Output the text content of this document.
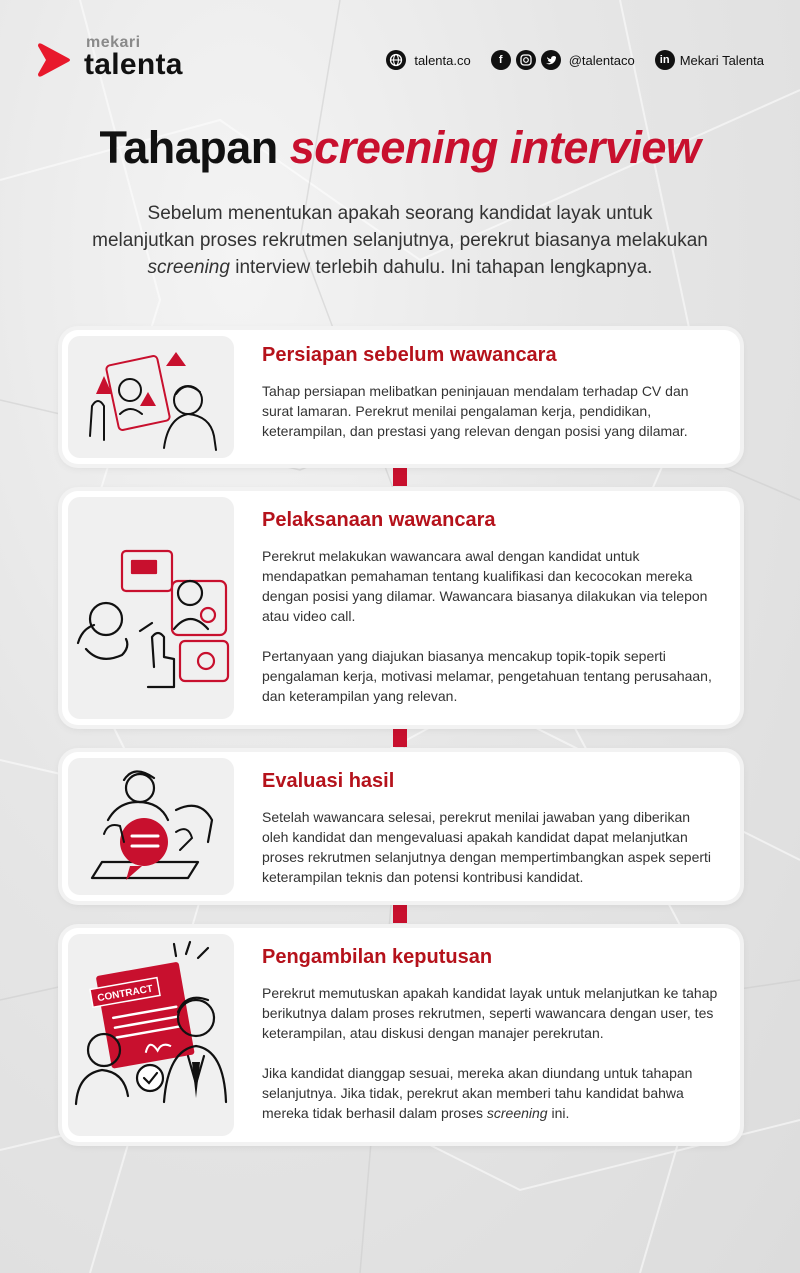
mekari
talenta	talenta.co	f	@talentaco	in Mekari Talenta
Tahapan screening interview
Sebelum menentukan apakah seorang kandidat layak untuk
melanjutkan proses rekrutmen selanjutnya, perekrut biasanya melakukan
screening interview terlebih dahulu. Ini tahapan lengkapnya.
Persiapan sebelum wawancara

Tahap persiapan melibatkan peninjauan mendalam terhadap CV dan surat lamaran. Perekrut menilai pengalaman kerja, pendidikan, keterampilan, dan prestasi yang relevan dengan posisi yang dilamar.

Pelaksanaan wawancara

Perekrut melakukan wawancara awal dengan kandidat untuk mendapatkan pemahaman tentang kualifikasi dan kecocokan mereka dengan posisi yang dilamar. Wawancara biasanya dilakukan via telepon atau video call.

Pertanyaan yang diajukan biasanya mencakup topik-topik seperti pengalaman kerja, motivasi melamar, pengetahuan tentang perusahaan, dan keterampilan yang relevan.

Evaluasi hasil

Setelah wawancara selesai, perekrut menilai jawaban yang diberikan oleh kandidat dan mengevaluasi apakah kandidat dapat melanjutkan proses rekrutmen selanjutnya dengan mempertimbangkan aspek seperti keterampilan teknis dan potensi kontribusi kandidat.

CONTRACT
Pengambilan keputusan

Perekrut memutuskan apakah kandidat layak untuk melanjutkan ke tahap berikutnya dalam proses rekrutmen, seperti wawancara dengan user, tes keterampilan, atau diskusi dengan manajer perekrutan.

Jika kandidat dianggap sesuai, mereka akan diundang untuk tahapan selanjutnya. Jika tidak, perekrut akan memberi tahu kandidat bahwa mereka tidak berhasil dalam proses screening ini.
